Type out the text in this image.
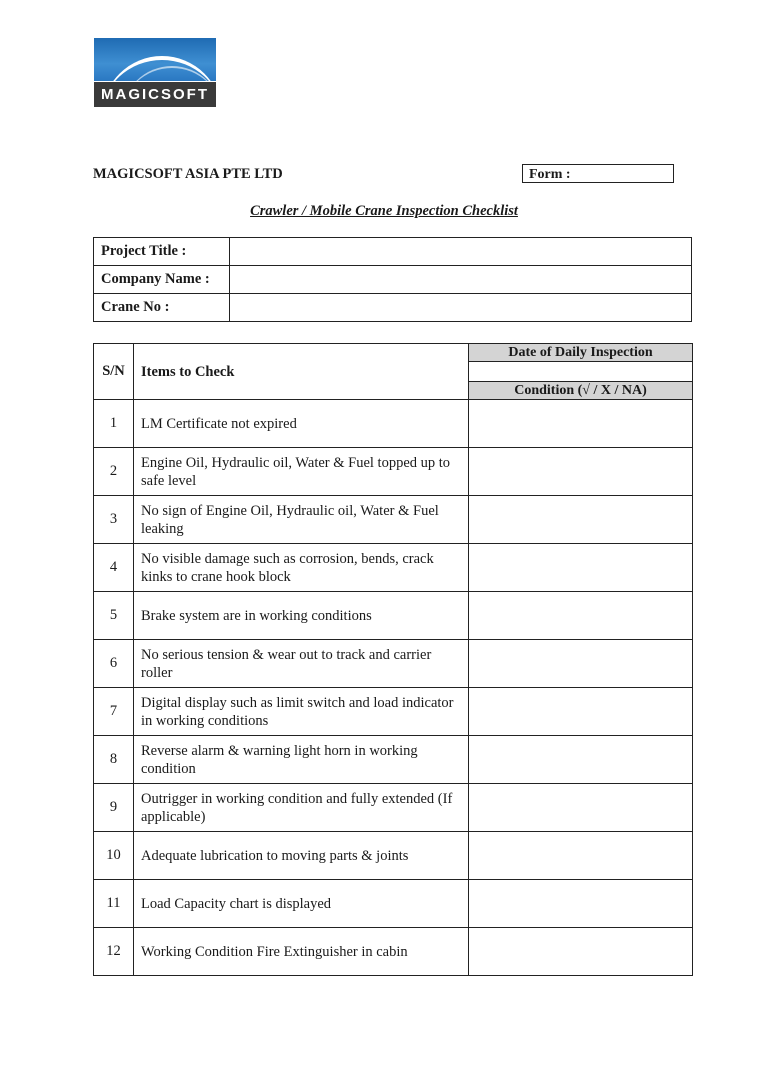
MAGICSOFT
MAGICSOFT ASIA PTE LTD	Form :
Crawler / Mobile Crane Inspection Checklist
Project Title :	
Company Name :	
Crane No :	
S/N	Items to Check	Date of Daily Inspection

		Condition (√ / X / NA)
1	LM Certificate not expired	
2	Engine Oil, Hydraulic oil, Water & Fuel topped up to safe level	
3	No sign of Engine Oil, Hydraulic oil, Water & Fuel leaking	
4	No visible damage such as corrosion, bends, crack kinks to crane hook block	
5	Brake system are in working conditions	
6	No serious tension & wear out to track and carrier roller	
7	Digital display such as limit switch and load indicator in working conditions	
8	Reverse alarm & warning light horn in working condition	
9	Outrigger in working condition and fully extended (If applicable)	
10	Adequate lubrication to moving parts & joints	
11	Load Capacity chart is displayed	
12	Working Condition Fire Extinguisher in cabin	
